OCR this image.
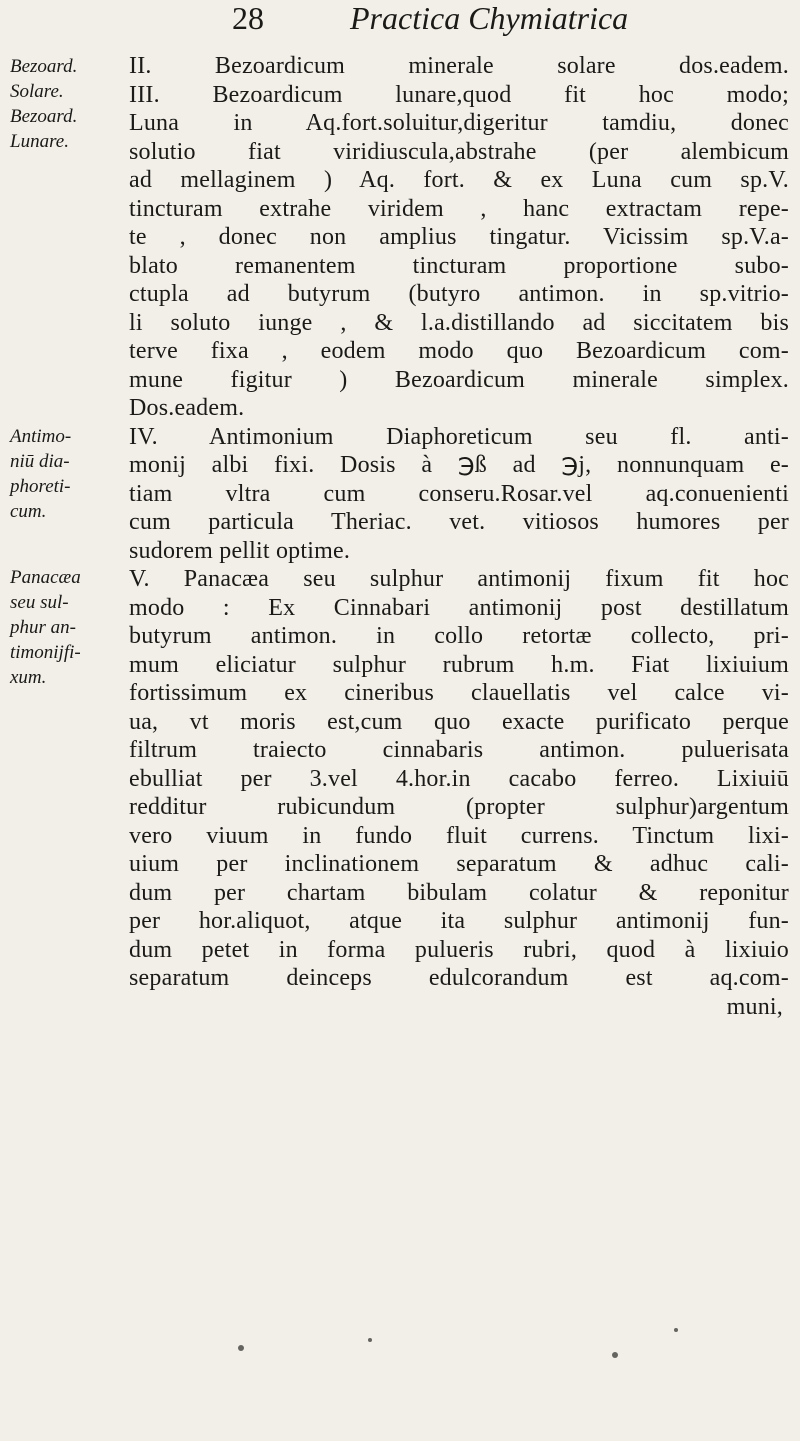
28	Practica Chymiatrica
Bezoard.
Solare.
Bezoard.
Lunare.
Antimo-
niū dia-
phoreti-
cum.
Panacæa
seu sul-
phur an-
timonijfi-
xum.
II. Bezoardicum minerale solare dos.eadem.
III. Bezoardicum lunare,quod fit hoc modo;
Luna in Aq.fort.soluitur,digeritur tamdiu, donec
solutio fiat viridiuscula,abstrahe (per alembicum
ad mellaginem ) Aq. fort. & ex Luna cum sp.V.
tincturam extrahe viridem , hanc extractam repe-
te , donec non amplius tingatur. Vicissim sp.V.a-
blato remanentem tincturam proportione subo-
ctupla ad butyrum (butyro antimon. in sp.vitrio-
li soluto iunge , & l.a.distillando ad siccitatem bis
terve fixa , eodem modo quo Bezoardicum com-
mune figitur ) Bezoardicum minerale simplex.
Dos.eadem.
IV. Antimonium Diaphoreticum seu fl. anti-
monij albi fixi. Dosis à ℈ß ad ℈j, nonnunquam e-
tiam vltra cum conseru.Rosar.vel aq.conuenienti
cum particula Theriac. vet. vitiosos humores per
sudorem pellit optime.
V. Panacæa seu sulphur antimonij fixum fit hoc
modo : Ex Cinnabari antimonij post destillatum
butyrum antimon. in collo retortæ collecto, pri-
mum eliciatur sulphur rubrum h.m. Fiat lixiuium
fortissimum ex cineribus clauellatis vel calce vi-
ua, vt moris est,cum quo exacte purificato perque
filtrum traiecto cinnabaris antimon. puluerisata
ebulliat per 3.vel 4.hor.in cacabo ferreo. Lixiuiū
redditur rubicundum (propter sulphur)argentum
vero viuum in fundo fluit currens. Tinctum lixi-
uium per inclinationem separatum & adhuc cali-
dum per chartam bibulam colatur & reponitur
per hor.aliquot, atque ita sulphur antimonij fun-
dum petet in forma pulueris rubri, quod à lixiuio
separatum deinceps edulcorandum est aq.com-
muni,
